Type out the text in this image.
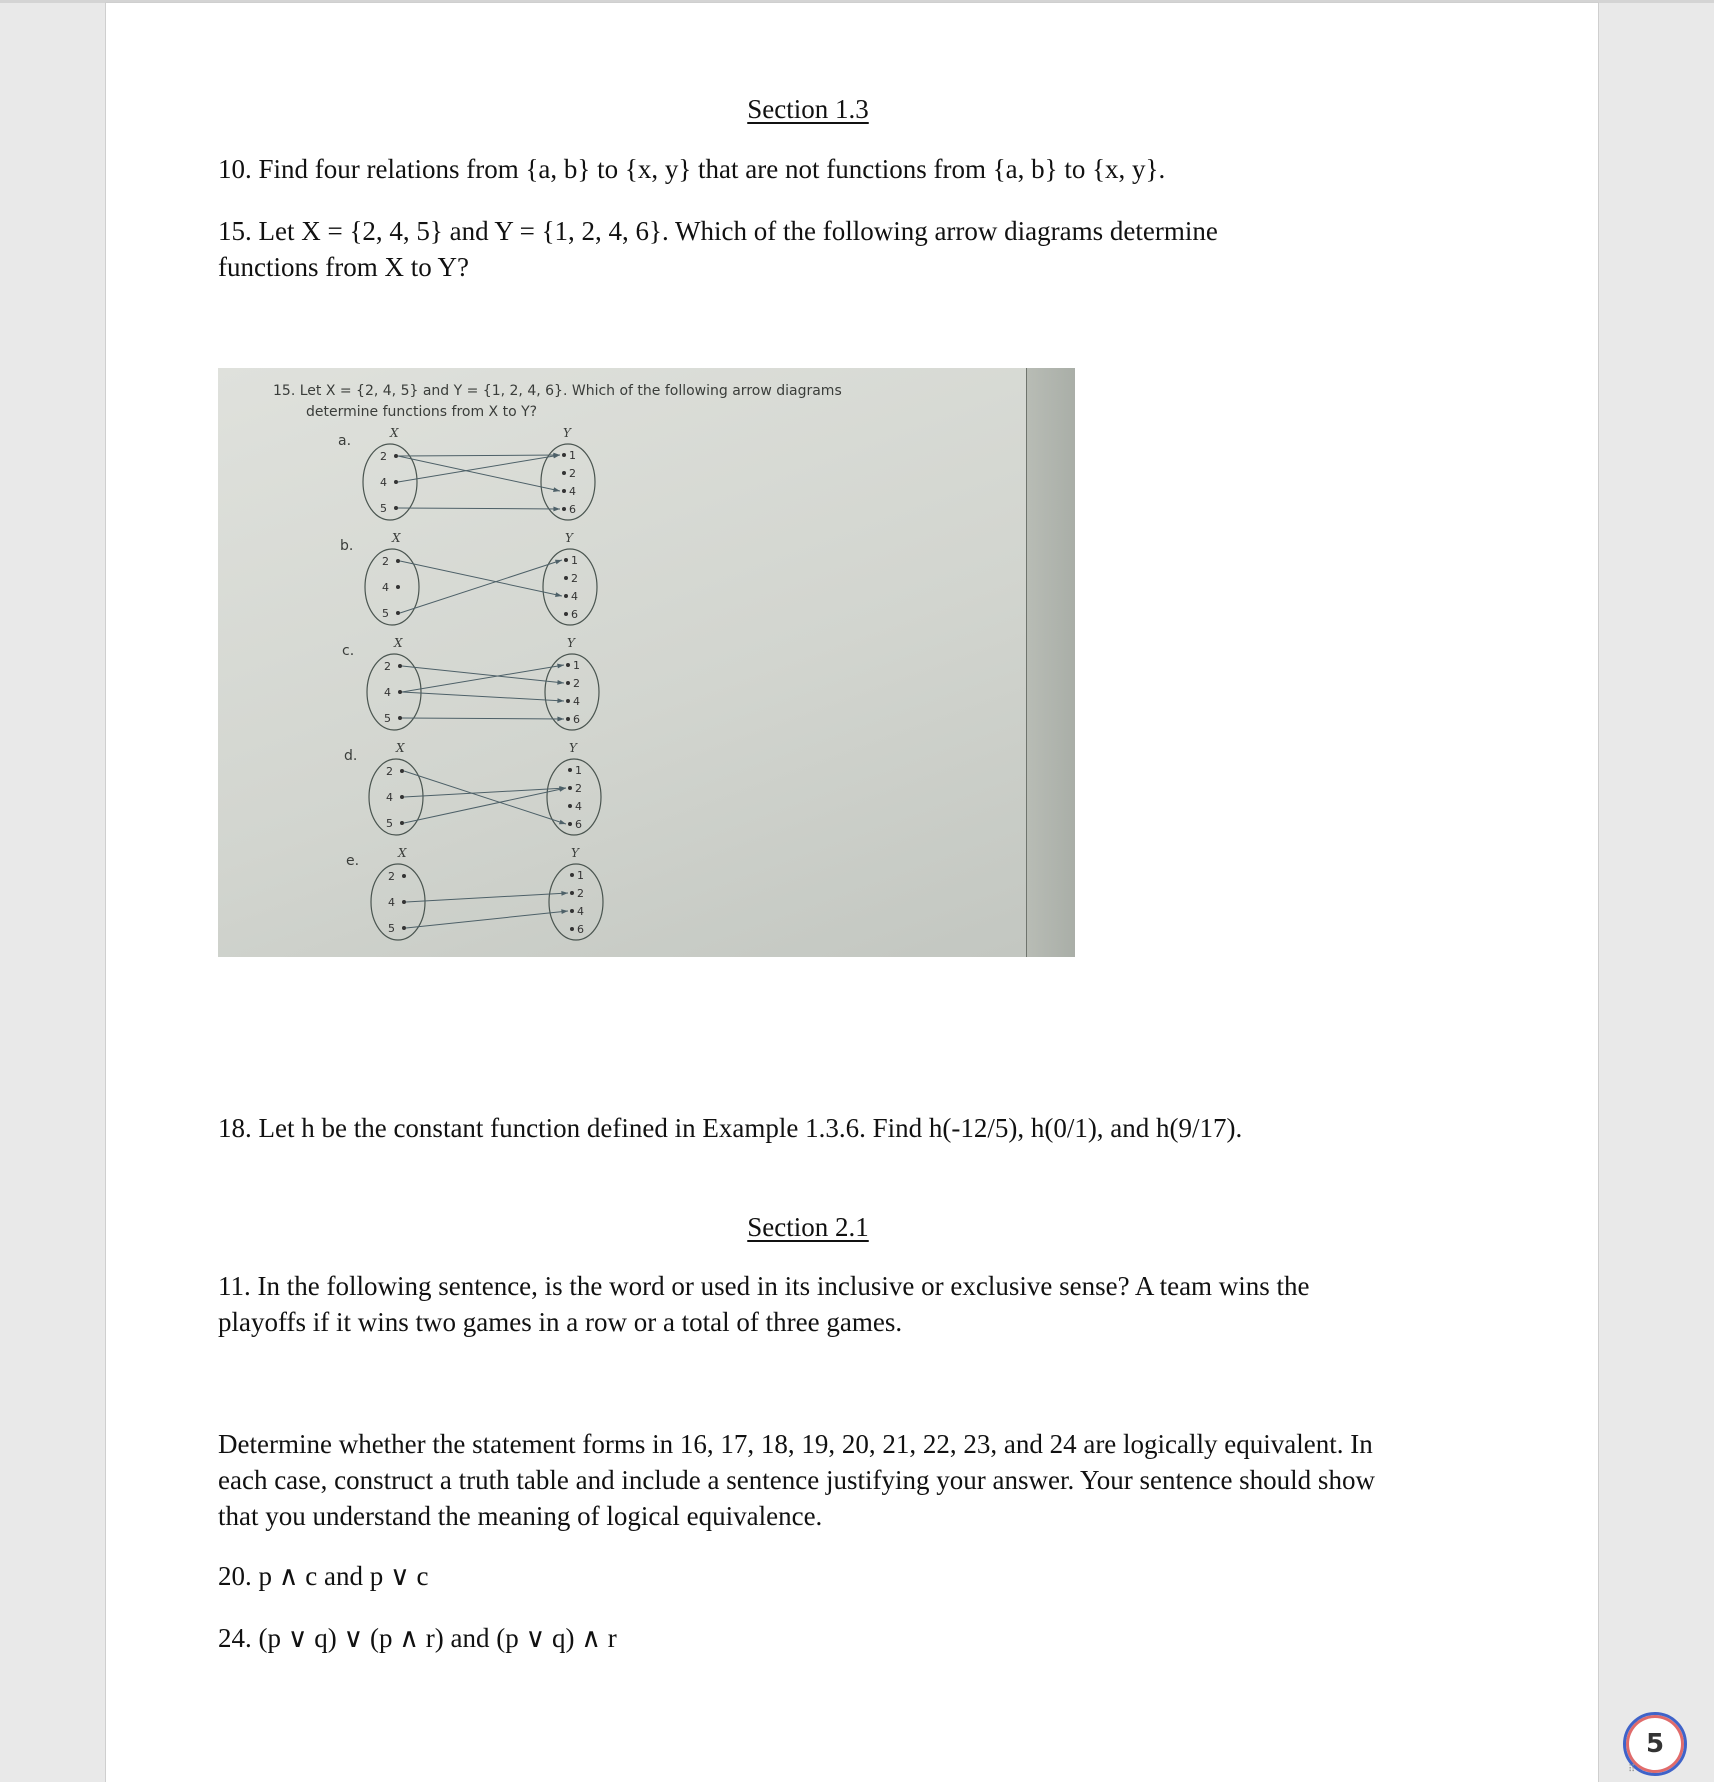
Section 1.3
10. Find four relations from {a, b} to {x, y} that are not functions from {a, b} to {x, y}.
15. Let X = {2, 4, 5} and Y = {1, 2, 4, 6}. Which of the following arrow diagrams determine
functions from X to Y?
15. Let X = {2, 4, 5} and Y = {1, 2, 4, 6}. Which of the following arrow diagrams
determine functions from X to Y?
a.	X	Y
2
4
5
1
2
4
6
b.	X	Y
2
4
5
1
2
4
6
c.	X	Y
2
4
5
1
2
4
6
d.	X	Y
2
4
5
1
2
4
6
e.	X	Y
2
4
5
1
2
4
6
18. Let h be the constant function defined in Example 1.3.6. Find h(-12/5), h(0/1), and h(9/17).
Section 2.1
11. In the following sentence, is the word or used in its inclusive or exclusive sense? A team wins the playoffs if it wins two games in a row or a total of three games.
Determine whether the statement forms in 16, 17, 18, 19, 20, 21, 22, 23, and 24 are logically equivalent. In each case, construct a truth table and include a sentence justifying your answer. Your sentence should show that you understand the meaning of logical equivalence.
20. p ∧ c and p ∨ c
24. (p ∨ q) ∨ (p ∧ r) and (p ∨ q) ∧ r
5
⠿
